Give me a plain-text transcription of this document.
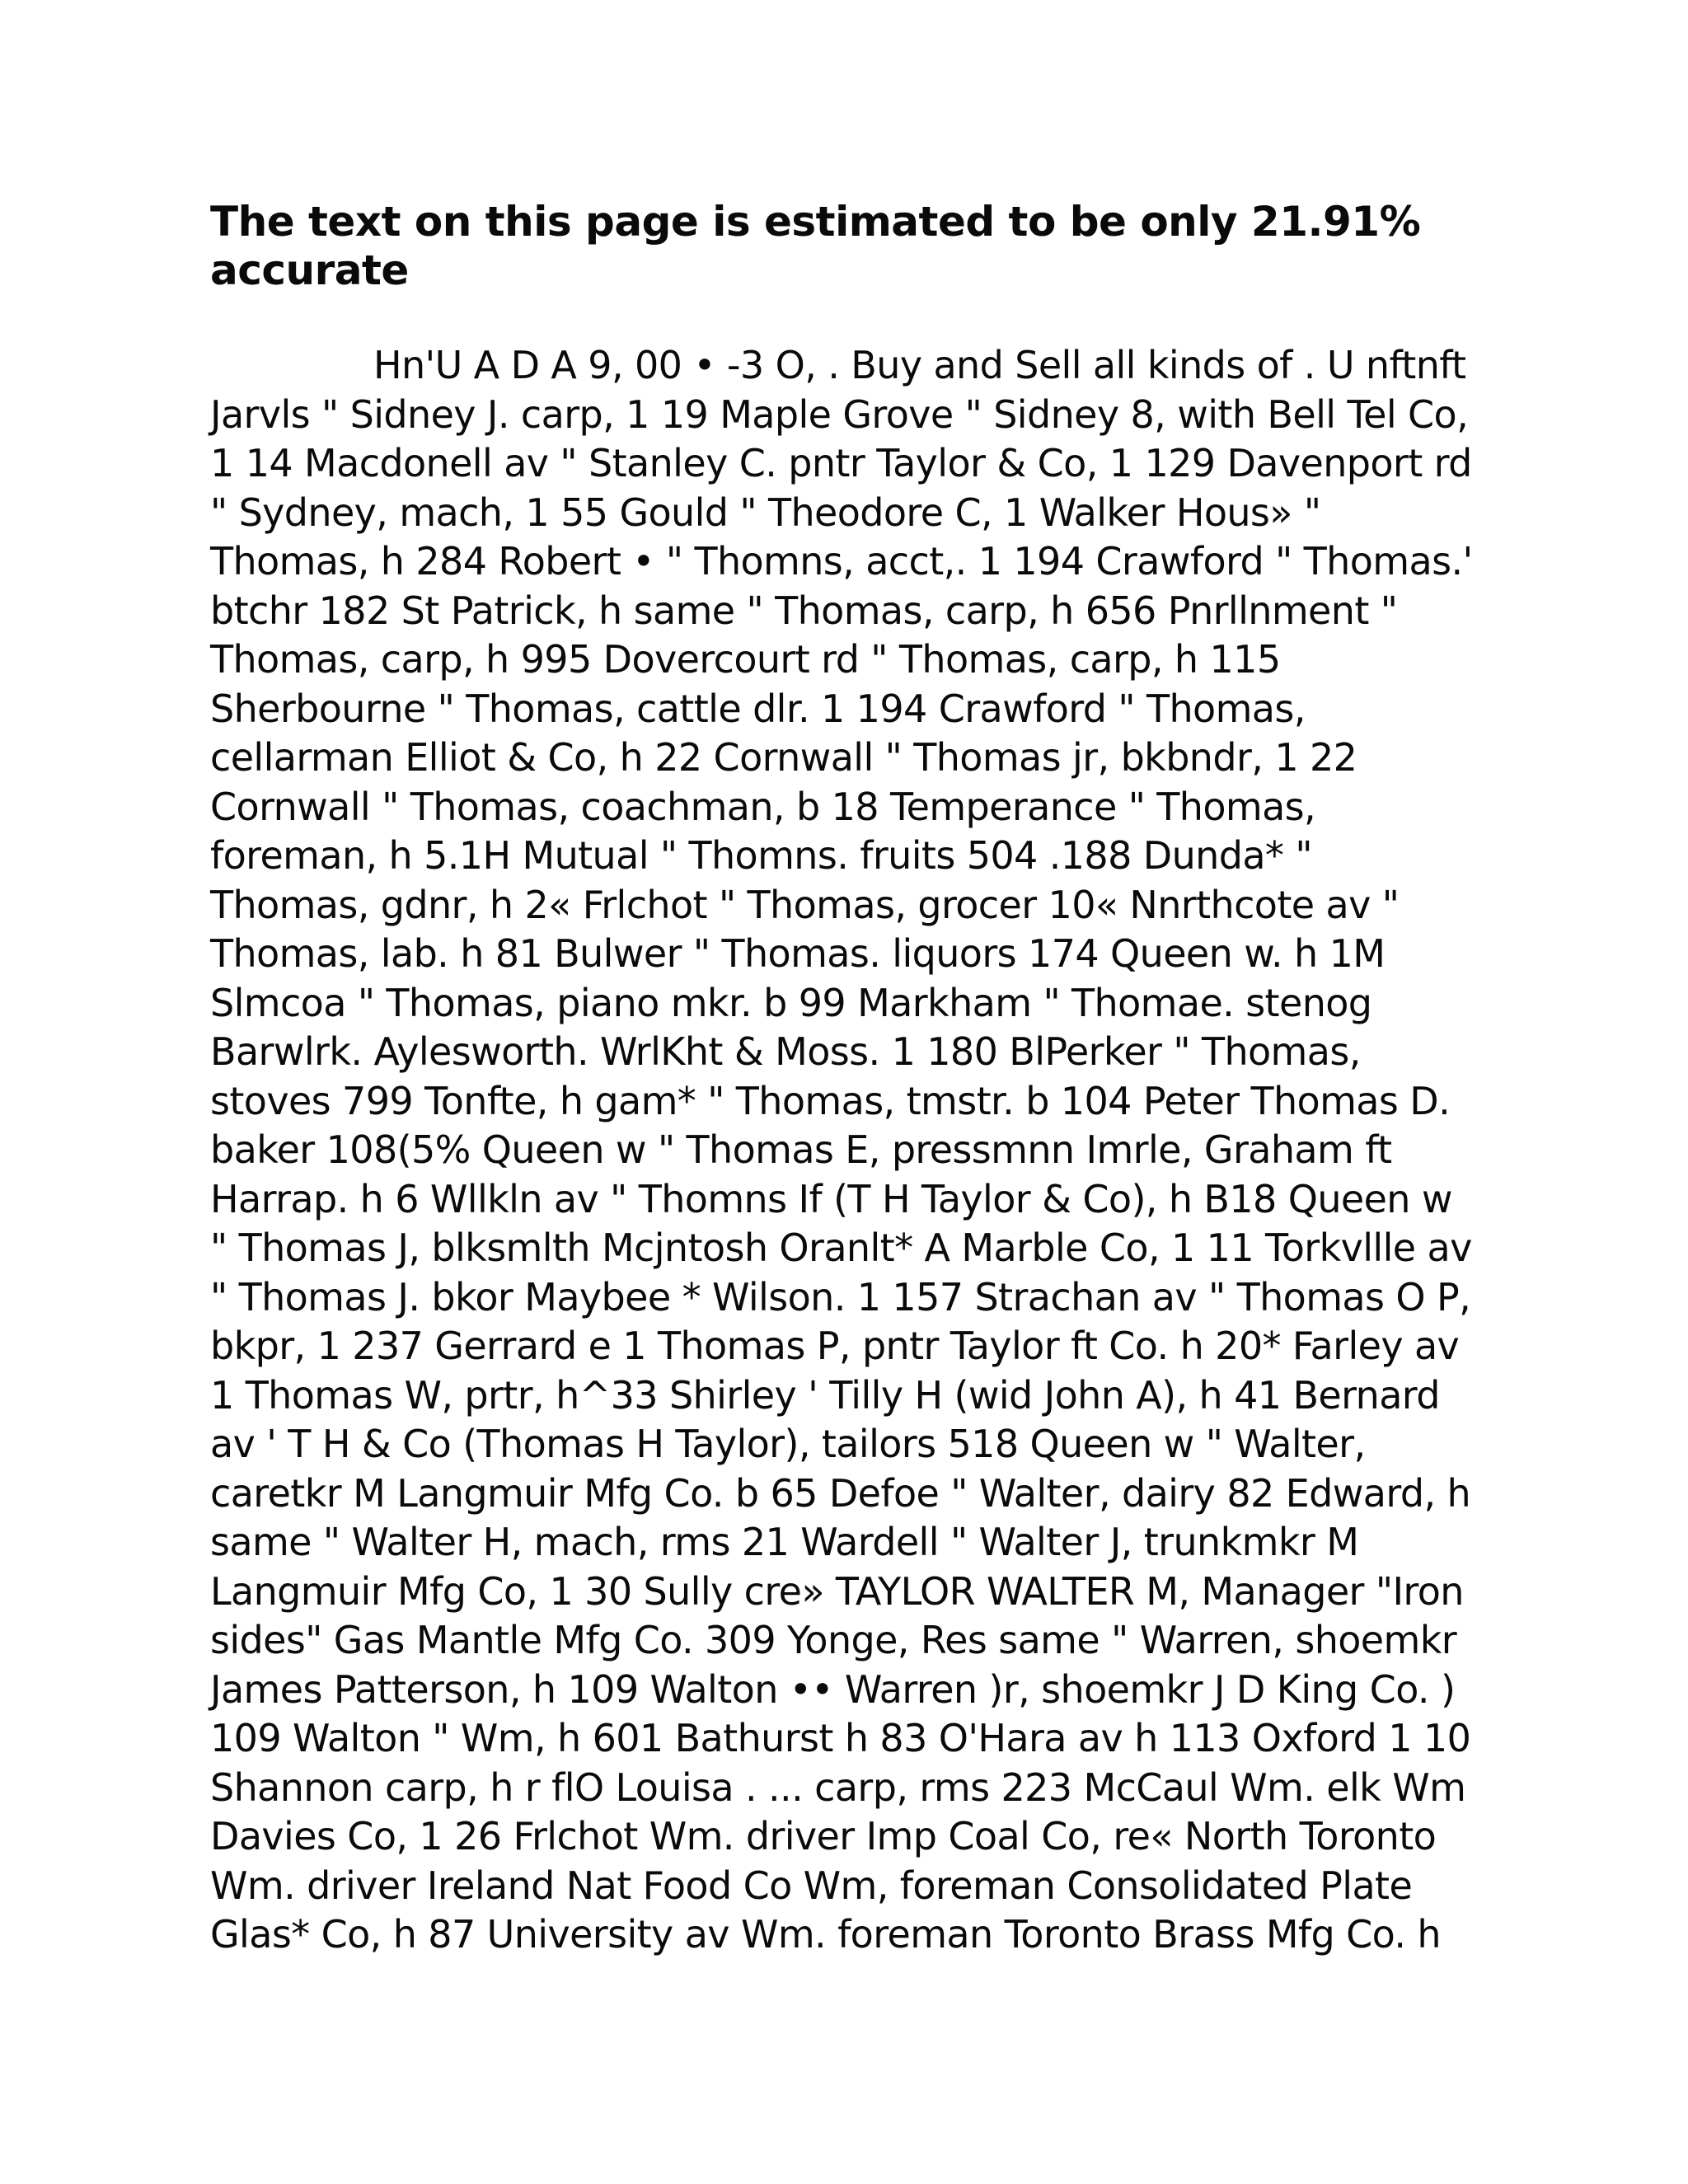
The text on this page is estimated to be only 21.91% accurate

Hn'U A D A 9, 00 • -3 O, . Buy and Sell all kinds of . U nftnft Jarvls " Sidney J. carp, 1 19 Maple Grove " Sidney 8, with Bell Tel Co, 1 14 Macdonell av " Stanley C. pntr Taylor & Co, 1 129 Davenport rd " Sydney, mach, 1 55 Gould " Theodore C, 1 Walker Hous» " Thomas, h 284 Robert • " Thomns, acct,. 1 194 Crawford " Thomas.' btchr 182 St Patrick, h same " Thomas, carp, h 656 Pnrllnment " Thomas, carp, h 995 Dovercourt rd " Thomas, carp, h 115 Sherbourne " Thomas, cattle dlr. 1 194 Crawford " Thomas, cellarman Elliot & Co, h 22 Cornwall " Thomas jr, bkbndr, 1 22 Cornwall " Thomas, coachman, b 18 Temperance " Thomas, foreman, h 5.1H Mutual " Thomns. fruits 504 .188 Dunda* " Thomas, gdnr, h 2« Frlchot " Thomas, grocer 10« Nnrthcote av " Thomas, lab. h 81 Bulwer " Thomas. liquors 174 Queen w. h 1M Slmcoa " Thomas, piano mkr. b 99 Markham " Thomae. stenog Barwlrk. Aylesworth. WrlKht & Moss. 1 180 BlPerker " Thomas, stoves 799 Tonfte, h gam* " Thomas, tmstr. b 104 Peter Thomas D. baker 108(5% Queen w " Thomas E, pressmnn Imrle, Graham ft Harrap. h 6 Wllkln av " Thomns If (T H Taylor & Co), h B18 Queen w " Thomas J, blksmlth Mcjntosh Oranlt* A Marble Co, 1 11 Torkvllle av " Thomas J. bkor Maybee * Wilson. 1 157 Strachan av " Thomas O P, bkpr, 1 237 Gerrard e 1 Thomas P, pntr Taylor ft Co. h 20* Farley av 1 Thomas W, prtr, h^33 Shirley ' Tilly H (wid John A), h 41 Bernard av ' T H & Co (Thomas H Taylor), tailors 518 Queen w " Walter, caretkr M Langmuir Mfg Co. b 65 Defoe " Walter, dairy 82 Edward, h same " Walter H, mach, rms 21 Wardell " Walter J, trunkmkr M Langmuir Mfg Co, 1 30 Sully cre» TAYLOR WALTER M, Manager "Iron sides" Gas Mantle Mfg Co. 309 Yonge, Res same " Warren, shoemkr James Patterson, h 109 Walton •• Warren )r, shoemkr J D King Co. ) 109 Walton " Wm, h 601 Bathurst h 83 O'Hara av h 113 Oxford 1 10 Shannon carp, h r flO Louisa . ... carp, rms 223 McCaul Wm. elk Wm Davies Co, 1 26 Frlchot Wm. driver Imp Coal Co, re« North Toronto Wm. driver Ireland Nat Food Co Wm, foreman Consolidated Plate Glas* Co, h 87 University av Wm. foreman Toronto Brass Mfg Co. h
